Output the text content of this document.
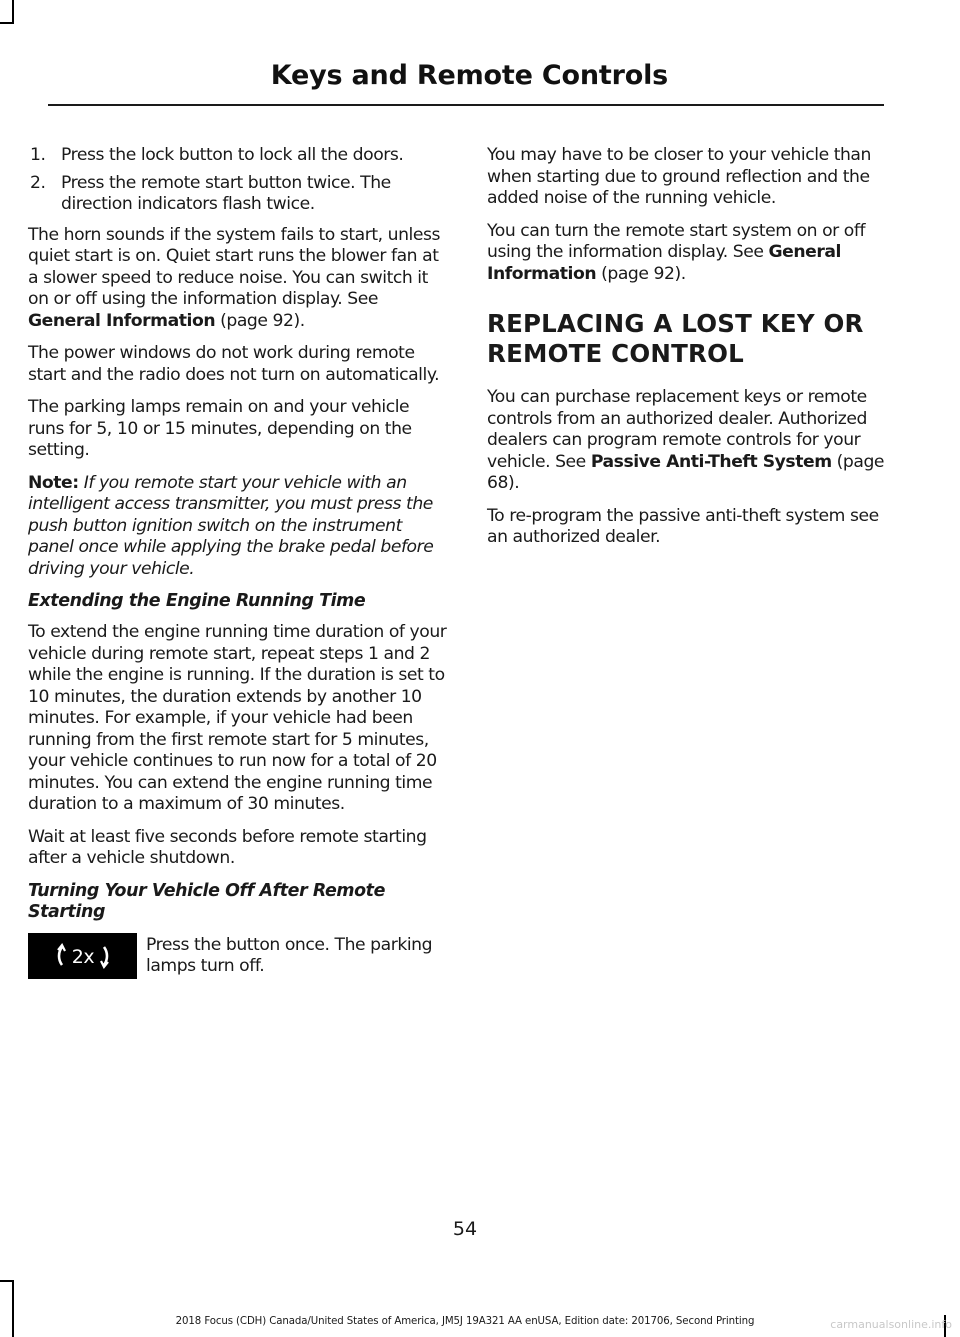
Keys and Remote Controls
1. Press the lock button to lock all the doors.
2. Press the remote start button twice. The direction indicators flash twice.

The horn sounds if the system fails to start, unless quiet start is on. Quiet start runs the blower fan at a slower speed to reduce noise. You can switch it on or off using the information display. See General Information (page 92).

The power windows do not work during remote start and the radio does not turn on automatically.

The parking lamps remain on and your vehicle runs for 5, 10 or 15 minutes, depending on the setting.

Note: If you remote start your vehicle with an intelligent access transmitter, you must press the push button ignition switch on the instrument panel once while applying the brake pedal before driving your vehicle.

Extending the Engine Running Time

To extend the engine running time duration of your vehicle during remote start, repeat steps 1 and 2 while the engine is running. If the duration is set to 10 minutes, the duration extends by another 10 minutes. For example, if your vehicle had been running from the first remote start for 5 minutes, your vehicle continues to run now for a total of 20 minutes. You can extend the engine running time duration to a maximum of 30 minutes.

Wait at least five seconds before remote starting after a vehicle shutdown.

Turning Your Vehicle Off After Remote Starting
2x
Press the button once. The parking lamps turn off.

You may have to be closer to your vehicle than when starting due to ground reflection and the added noise of the running vehicle.

You can turn the remote start system on or off using the information display. See General Information (page 92).

REPLACING A LOST KEY OR
REMOTE CONTROL

You can purchase replacement keys or remote controls from an authorized dealer. Authorized dealers can program remote controls for your vehicle. See Passive Anti-Theft System (page 68).

To re-program the passive anti-theft system see an authorized dealer.

54
2018 Focus (CDH) Canada/United States of America, JM5J 19A321 AA enUSA, Edition date: 201706, Second Printing	carmanualsonline.info
